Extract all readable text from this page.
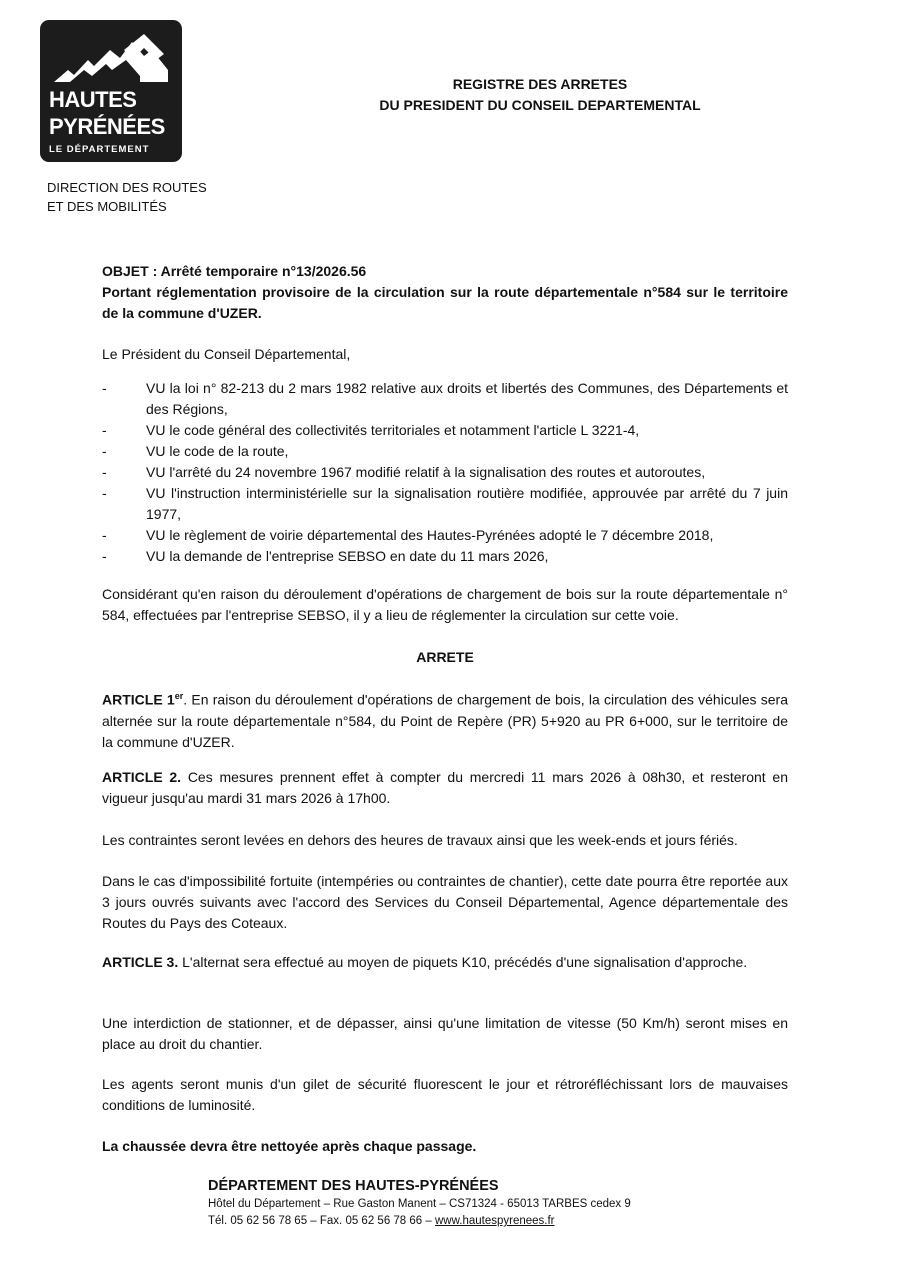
HAUTES
PYRÉNÉES
LE DÉPARTEMENT
DIRECTION DES ROUTES
ET DES MOBILITÉS
REGISTRE DES ARRETES
DU PRESIDENT DU CONSEIL DEPARTEMENTAL
OBJET : Arrêté temporaire n°13/2026.56
Portant réglementation provisoire de la circulation sur la route départementale n°584 sur le territoire de la commune d'UZER.
Le Président du Conseil Départemental,
-	VU la loi n° 82-213 du 2 mars 1982 relative aux droits et libertés des Communes, des Départements et des Régions,
-	VU le code général des collectivités territoriales et notamment l'article L 3221-4,
-	VU le code de la route,
-	VU l'arrêté du 24 novembre 1967 modifié relatif à la signalisation des routes et autoroutes,
-	VU l'instruction interministérielle sur la signalisation routière modifiée, approuvée par arrêté du 7 juin 1977,
-	VU le règlement de voirie départemental des Hautes-Pyrénées adopté le 7 décembre 2018,
-	VU la demande de l'entreprise SEBSO en date du 11 mars 2026,
Considérant qu'en raison du déroulement d'opérations de chargement de bois sur la route départementale n° 584, effectuées par l'entreprise SEBSO, il y a lieu de réglementer la circulation sur cette voie.
ARRETE
ARTICLE 1er. En raison du déroulement d'opérations de chargement de bois, la circulation des véhicules sera alternée sur la route départementale n°584, du Point de Repère (PR) 5+920 au PR 6+000, sur le territoire de la commune d'UZER.
ARTICLE 2. Ces mesures prennent effet à compter du mercredi 11 mars 2026 à 08h30, et resteront en vigueur jusqu'au mardi 31 mars 2026 à 17h00.
Les contraintes seront levées en dehors des heures de travaux ainsi que les week-ends et jours fériés.
Dans le cas d'impossibilité fortuite (intempéries ou contraintes de chantier), cette date pourra être reportée aux 3 jours ouvrés suivants avec l'accord des Services du Conseil Départemental, Agence départementale des Routes du Pays des Coteaux.
ARTICLE 3. L'alternat sera effectué au moyen de piquets K10, précédés d'une signalisation d'approche.
Une interdiction de stationner, et de dépasser, ainsi qu'une limitation de vitesse (50 Km/h) seront mises en place au droit du chantier.
Les agents seront munis d'un gilet de sécurité fluorescent le jour et rétroréfléchissant lors de mauvaises conditions de luminosité.
La chaussée devra être nettoyée après chaque passage.
DÉPARTEMENT DES HAUTES-PYRÉNÉES
Hôtel du Département – Rue Gaston Manent – CS71324 - 65013 TARBES cedex 9
Tél. 05 62 56 78 65 – Fax. 05 62 56 78 66 – www.hautespyrenees.fr
